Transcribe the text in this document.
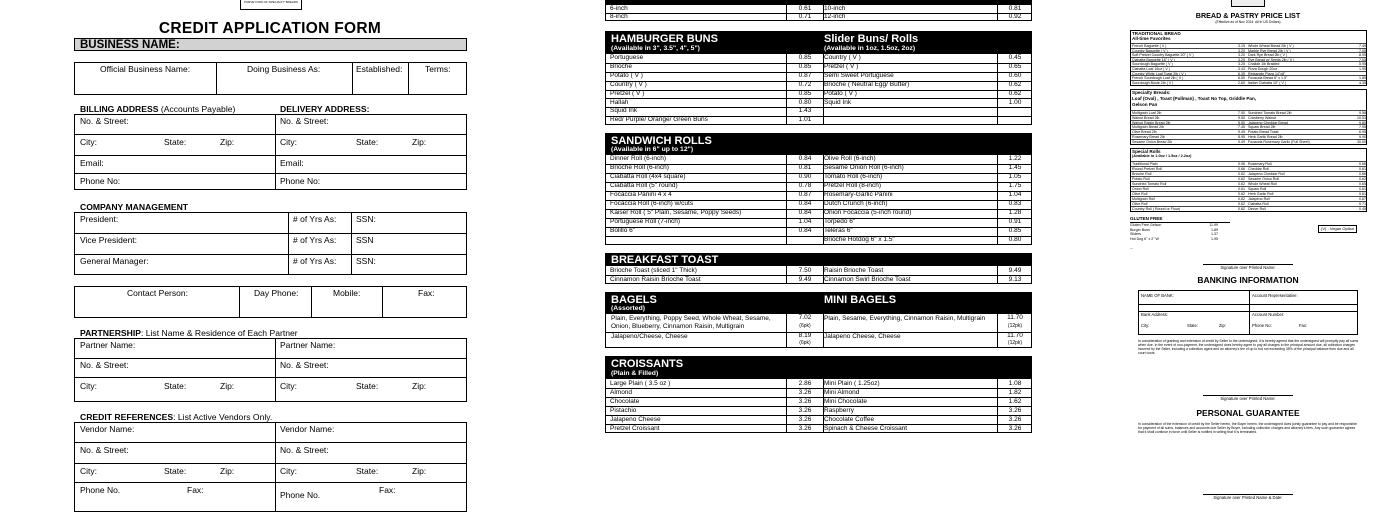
PURVEYORS OF SPECIALTY BREADS
CREDIT APPLICATION FORM
BUSINESS NAME:
Official Business Name:	Doing Business As:	Established:	Terms:
BILLING ADDRESS (Accounts Payable)	DELIVERY ADDRESS:
No. & Street:	No. & Street:
City:	State:	Zip:	City:	State:	Zip:
Email:	Email:
Phone No:	Phone No:
COMPANY MANAGEMENT
President:	# of Yrs As: SSN:
Vice President:	# of Yrs As: SSN
General Manager:	# of Yrs As: SSN:
Contact Person:	Day Phone:	Mobile:	Fax:
PARTNERSHIP: List Name & Residence of Each Partner
Partner Name:	Partner Name:
No. & Street:	No. & Street:
City:	State:	Zip:	City:	State:	Zip:
CREDIT REFERENCES: List Active Vendors Only.
Vendor Name:	Vendor Name:
No. & Street:	No. & Street:
City:	State:	Zip:	City:	State:	Zip:
Phone No.	Fax:	Phone No.	Fax:
6-inch	0.61	10-inch	0.81
8-inch	0.71	12-inch	0.92
HAMBURGER BUNS
(Available in 3", 3.5", 4", 5")
Slider Buns/ Rolls
(Available in 1oz, 1.5oz, 2oz)
Portuguese	0.85	Country ( V )	0.45
Brioche	0.85	Pretzel ( V )	0.65
Potato ( V )	0.87	Semi Sweet Portuguese	0.60
Country ( V )	0.72	Brioche ( Neutral Egg/ Butter)	0.62
Pretzel ( V )	0.85	Potato ( V )	0.62
Hallah	0.80	Squid Ink	1.00
Squid Ink	1.43
Red/ Purple/ Orange/ Green Buns	1.01
SANDWICH ROLLS
(Available in 6" up to 12")
Dinner Roll (6-inch)	0.84	Olive Roll (6-inch)	1.22
Brioche Roll (6-inch)	0.81	Sesame Onion Roll (6-inch)	1.45
Ciabatta Roll (4x4 square)	0.90	Tomato Roll (6-inch)	1.05
Ciabatta Roll (5" round)	0.78	Pretzel Roll (8-inch)	1.75
Focaccia Panini 4 x 4	0.87	Rosemary-Garlic Panini	1.04
Focaccia Roll (6-inch) w/cuts	0.84	Dutch Crunch (6-inch)	0.83
Kaiser Roll ( 5" Plain, Sesame, Poppy Seeds)	0.84	Onion Focaccia (5-inch round)	1.28
Portuguese Roll (7-inch)	1.04	Torpedo 6"	0.91
Bolillo 6"	0.84	Teleras 6"	0.85
Brioche Hotdog 6" x 1.5"	0.80
BREAKFAST TOAST
Brioche Toast (sliced 1" Thick)	7.50	Raisin Brioche Toast	9.49
Cinnamon Raisin Brioche Toast	9.49	Cinnamon Swirl Brioche Toast	9.13
BAGELS
(Assorted)
MINI BAGELS
Plain, Everything, Poppy Seed, Whole Wheat, Sesame, Onion, Blueberry, Cinnamon Raisin, Multigrain
7.02
(6pk)
Plain, Sesame, Everything, Cinnamon Raisin, Multigrain	11.70
(12pk)
Jalapeno/Cheese, Cheese	8.19
(6pk)
Jalapeno Cheese, Cheese	11.70
(12pk)
CROISSANTS
(Plain & Filled)
Large Plain ( 3.5 oz )	2.86	Mini Plain ( 1.25oz)	1.08
Almond	3.26	Mini Almond	1.82
Chocolate	3.26	Mini Chocolate	1.62
Pistachio	3.26	Raspberry	3.26
Jalapeno Cheese	3.26	Chocolate Coffee	3.26
Pretzel Croissant	3.26	Spinach & Cheese Croissant	3.26
BREAD & PASTRY PRICE LIST
(Effective as of Nov 2024. All in US Dollars)
TRADITIONAL BREAD
All-time Favorites
French Baguette ( V )	3.15 Whole Wheat Bread 2lb ( V )	7.49
Country Baguette ( V )	3.20 Marble Rye Bread 2lb ( V )	7.05
Soft Pretzel Country Baguette 20" ( V )	3.20 Dark Rye Bread 2lb ( V )	8.95
Ciabatta Baguette 16" ( V )	3.25 Rye Bread w/ Seeds 2lb ( V )	7.05
Sourdough Baguette ( V )	3.25 Challah 1lb Braided	5.95
Ciabatta Loaf 16oz ( V )	3.43 Pizza Dough 20oz	1.95
Country White Loaf Toast 2lb ( V )	6.35 Rectangle Pizza 14"x8"
French Sourdough Loaf 2lb ( V )	6.50 Focaccia Bread 8" x 1.5"	1.85
Sourdough Boule 2lb ( V )	2.60 Italian Ciabatta 10" ( V )	4.35
Specialty Breads:
Loaf (Oval) , Toast (Pullman) , Toast No Top, Griddle Pan, Gelson Pan
Multigrain Loaf 2lb	7.50 Sundried Tomato Bread 2lb	9.58
Walnut Bread 2lb	9.50 Cranberry Walnut	10.53
Walnut Raisin Bread 2lb	9.50 Jalapeno Cheddar Bread	9.80
Multigrain Bread 2lb	7.45 Squaw Bread 2lb	7.95
Olive Bread 2lb	9.45 Potato Bread Toast	6.95
Rosemary Bread 2lb	8.95 Herb Garlic Bread 2lb	9.90
Sesame Onion Bread 2lb	9.49 Focaccia Rosemary Garlic (Full Sheet)	30.00
Special Rolls
(Available in 1.0oz / 1.5oz / 2.2oz)
Traditional Plain	0.96 Rosemary Roll	0.66
Round Pretzel Roll	0.66 Cheddar Roll	0.61
Brioche Roll	0.62 Jalapeno Cheddar Roll	0.66
Potato Roll	0.62 Sesame Onion Roll	0.62
Sundried Tomato Roll	0.62 Whole Wheat Roll	0.65
Onion Roll	0.61 Squaw Roll	0.61
Olive Roll	0.62 Herb Garlic Roll	0.61
Multigrain Roll	0.62 Jalapeno Roll	0.67
Olive Roll	0.62 Ciabatta Roll	0.71
Country Roll ( Round or Flour)	0.62 Dinner Roll	0.45
GLUTEN FREE
Gluten Free Gelson	11.99
Burger Buns	1.89
Sliders	1.37
Hot Dog 6" x 2" W	1.95
(V) - Vegan Option
—
Signature over Printed Name:
BANKING INFORMATION
NAME OF BANK:	Account Representative:
Bank Address:	Account Number:
City:	State:	Zip:	Phone No:	Fax:
In consideration of granting and extension of credit by Seller to the undersigned, it is hereby agreed that the undersigned will promptly pay all sums when due. In the event of non-payment, the undersigned does hereby agree to pay all charges to the principal amount due, all collection charges incurred by the Seller, including a collection agent and an attorney's fee of up to but not exceeding 35% of the principal balance then due and all court costs.
Signature over Printed Name:
PERSONAL GUARANTEE
In consideration of the extension of credit by the Seller herein, the Buyer herein, the undersigned does jointly guarantee to pay and be responsible for payment of all sums, balances and accounts due Seller by Buyer, including collection charges and attorney's fees. Any such guarantor agrees that it shall continue in force until Seller is notified in writing that it is terminated.
Signature over Printed Name & Date:
